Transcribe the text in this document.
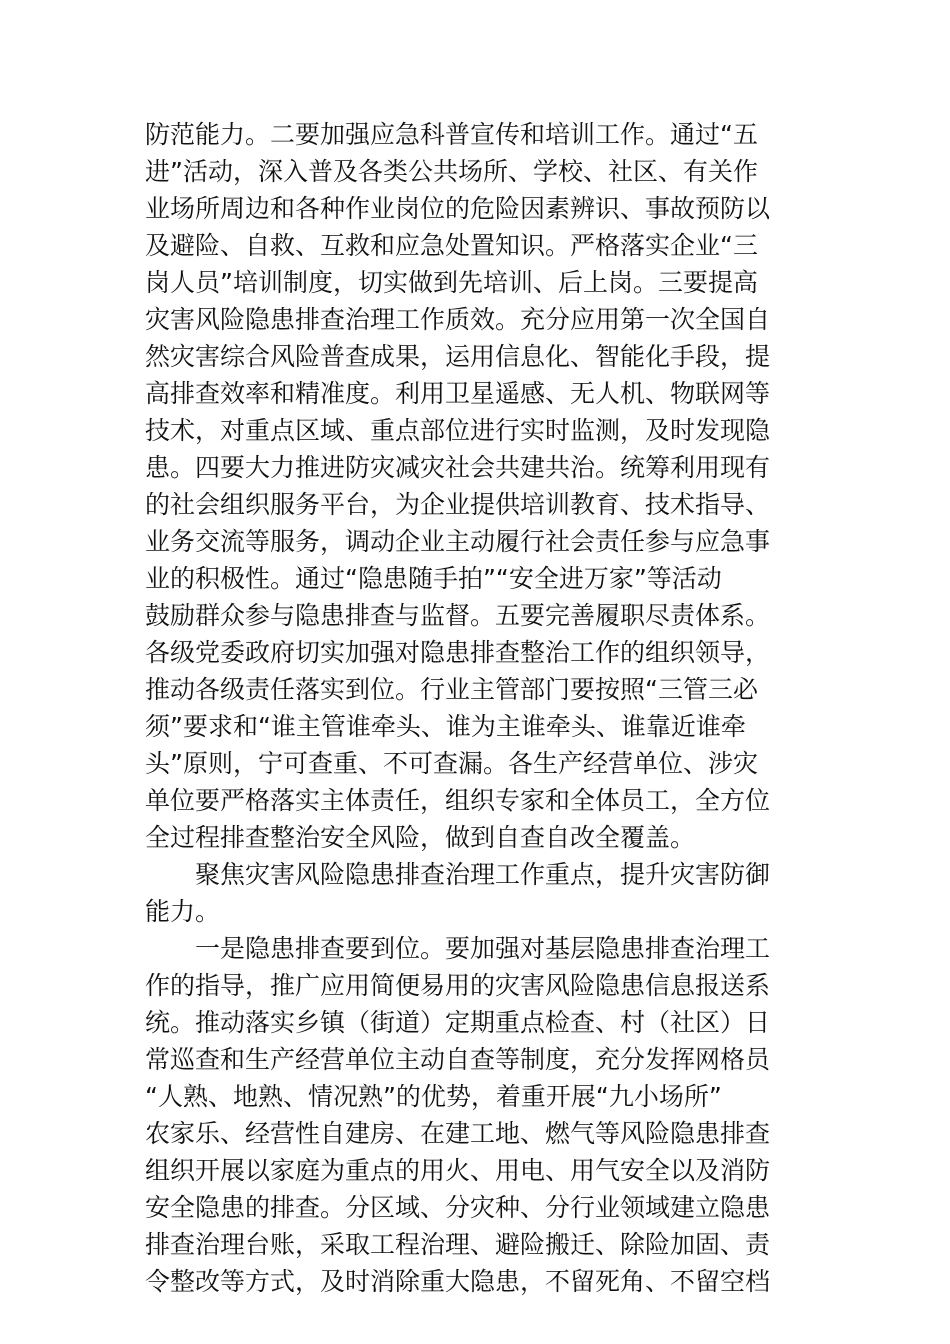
防范能力。二要加强应急科普宣传和培训工作。通过“五
进”活动，深入普及各类公共场所、学校、社区、有关作
业场所周边和各种作业岗位的危险因素辨识、事故预防以
及避险、自救、互救和应急处置知识。严格落实企业“三
岗人员”培训制度，切实做到先培训、后上岗。三要提高
灾害风险隐患排查治理工作质效。充分应用第一次全国自
然灾害综合风险普查成果，运用信息化、智能化手段，提
高排查效率和精准度。利用卫星遥感、无人机、物联网等
技术，对重点区域、重点部位进行实时监测，及时发现隐
患。四要大力推进防灾减灾社会共建共治。统筹利用现有
的社会组织服务平台，为企业提供培训教育、技术指导、
业务交流等服务，调动企业主动履行社会责任参与应急事
业的积极性。通过“隐患随手拍”“安全进万家”等活动
鼓励群众参与隐患排查与监督。五要完善履职尽责体系。
各级党委政府切实加强对隐患排查整治工作的组织领导，
推动各级责任落实到位。行业主管部门要按照“三管三必
须”要求和“谁主管谁牵头、谁为主谁牵头、谁靠近谁牵
头”原则，宁可查重、不可查漏。各生产经营单位、涉灾
单位要严格落实主体责任，组织专家和全体员工，全方位
全过程排查整治安全风险，做到自查自改全覆盖。
　　聚焦灾害风险隐患排查治理工作重点，提升灾害防御
能力。
　　一是隐患排查要到位。要加强对基层隐患排查治理工
作的指导，推广应用简便易用的灾害风险隐患信息报送系
统。推动落实乡镇（街道）定期重点检查、村（社区）日
常巡查和生产经营单位主动自查等制度，充分发挥网格员
“人熟、地熟、情况熟”的优势，着重开展“九小场所”
农家乐、经营性自建房、在建工地、燃气等风险隐患排查
组织开展以家庭为重点的用火、用电、用气安全以及消防
安全隐患的排查。分区域、分灾种、分行业领域建立隐患
排查治理台账，采取工程治理、避险搬迁、除险加固、责
令整改等方式，及时消除重大隐患，不留死角、不留空档
